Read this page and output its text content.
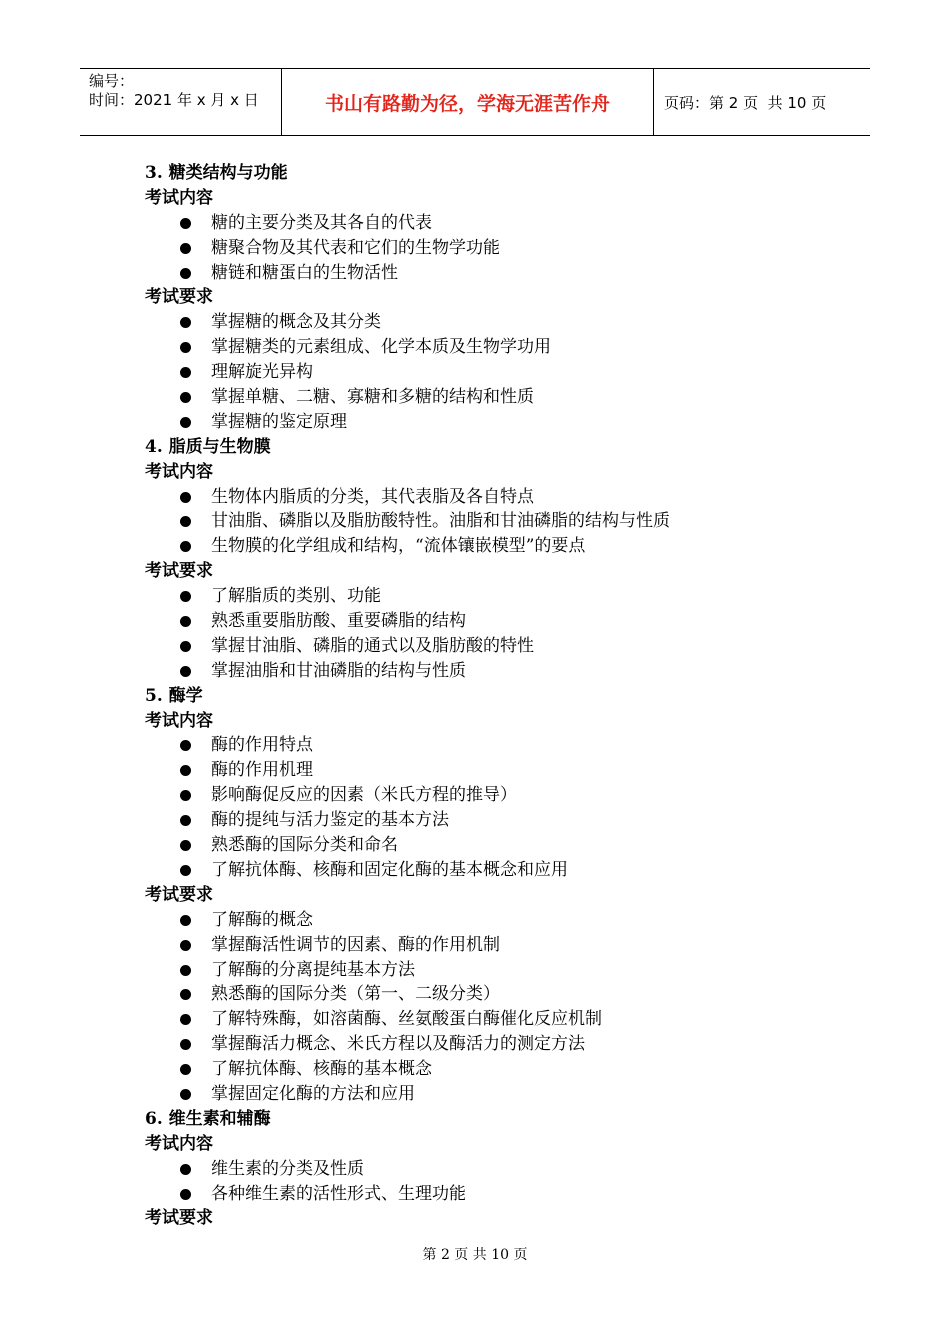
编号：
时间：2021 年 x 月 x 日	书山有路勤为径，学海无涯苦作舟	页码：第 2 页  共 10 页
3. 糖类结构与功能
考试内容
糖的主要分类及其各自的代表
糖聚合物及其代表和它们的生物学功能
糖链和糖蛋白的生物活性
考试要求
掌握糖的概念及其分类
掌握糖类的元素组成、化学本质及生物学功用
理解旋光异构
掌握单糖、二糖、寡糖和多糖的结构和性质
掌握糖的鉴定原理
4. 脂质与生物膜
考试内容
生物体内脂质的分类，其代表脂及各自特点
甘油脂、磷脂以及脂肪酸特性。油脂和甘油磷脂的结构与性质
生物膜的化学组成和结构，“流体镶嵌模型”的要点
考试要求
了解脂质的类别、功能
熟悉重要脂肪酸、重要磷脂的结构
掌握甘油脂、磷脂的通式以及脂肪酸的特性
掌握油脂和甘油磷脂的结构与性质
5. 酶学
考试内容
酶的作用特点
酶的作用机理
影响酶促反应的因素（米氏方程的推导）
酶的提纯与活力鉴定的基本方法
熟悉酶的国际分类和命名
了解抗体酶、核酶和固定化酶的基本概念和应用
考试要求
了解酶的概念
掌握酶活性调节的因素、酶的作用机制
了解酶的分离提纯基本方法
熟悉酶的国际分类（第一、二级分类）
了解特殊酶，如溶菌酶、丝氨酸蛋白酶催化反应机制
掌握酶活力概念、米氏方程以及酶活力的测定方法
了解抗体酶、核酶的基本概念
掌握固定化酶的方法和应用
6. 维生素和辅酶
考试内容
维生素的分类及性质
各种维生素的活性形式、生理功能
考试要求
第 2 页 共 10 页
